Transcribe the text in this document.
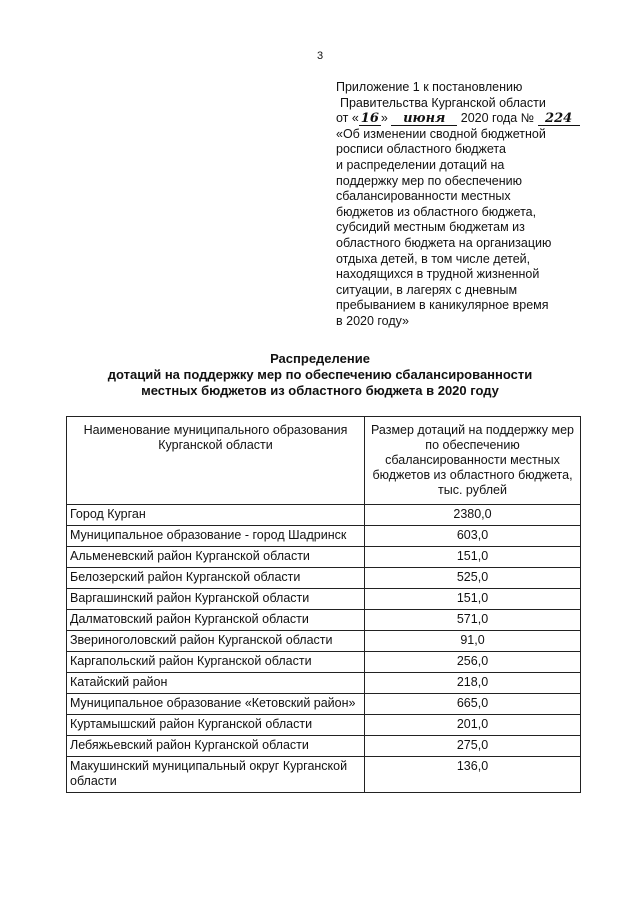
3
Приложение 1 к постановлению
Правительства Курганской области
от « 16 » июня 2020 года № 224
«Об изменении сводной бюджетной
росписи областного бюджета
и распределении дотаций на
поддержку мер по обеспечению
сбалансированности местных
бюджетов из областного бюджета,
субсидий местным бюджетам из
областного бюджета на организацию
отдыха детей, в том числе детей,
находящихся в трудной жизненной
ситуации, в лагерях с дневным
пребыванием в каникулярное время
в 2020 году»
Распределение
дотаций на поддержку мер по обеспечению сбалансированности
местных бюджетов из областного бюджета в 2020 году
Наименование муниципального образования Курганской области	Размер дотаций на поддержку мер по обеспечению сбалансированности местных бюджетов из областного бюджета, тыс. рублей
Город Курган	2380,0
Муниципальное образование - город Шадринск	603,0
Альменевский район Курганской области	151,0
Белозерский район Курганской области	525,0
Варгашинский район Курганской области	151,0
Далматовский район Курганской области	571,0
Звериноголовский район Курганской области	91,0
Каргапольский район Курганской области	256,0
Катайский район	218,0
Муниципальное образование «Кетовский район»	665,0
Куртамышский район Курганской области	201,0
Лебяжьевский район Курганской области	275,0
Макушинский муниципальный округ Курганской области	136,0
